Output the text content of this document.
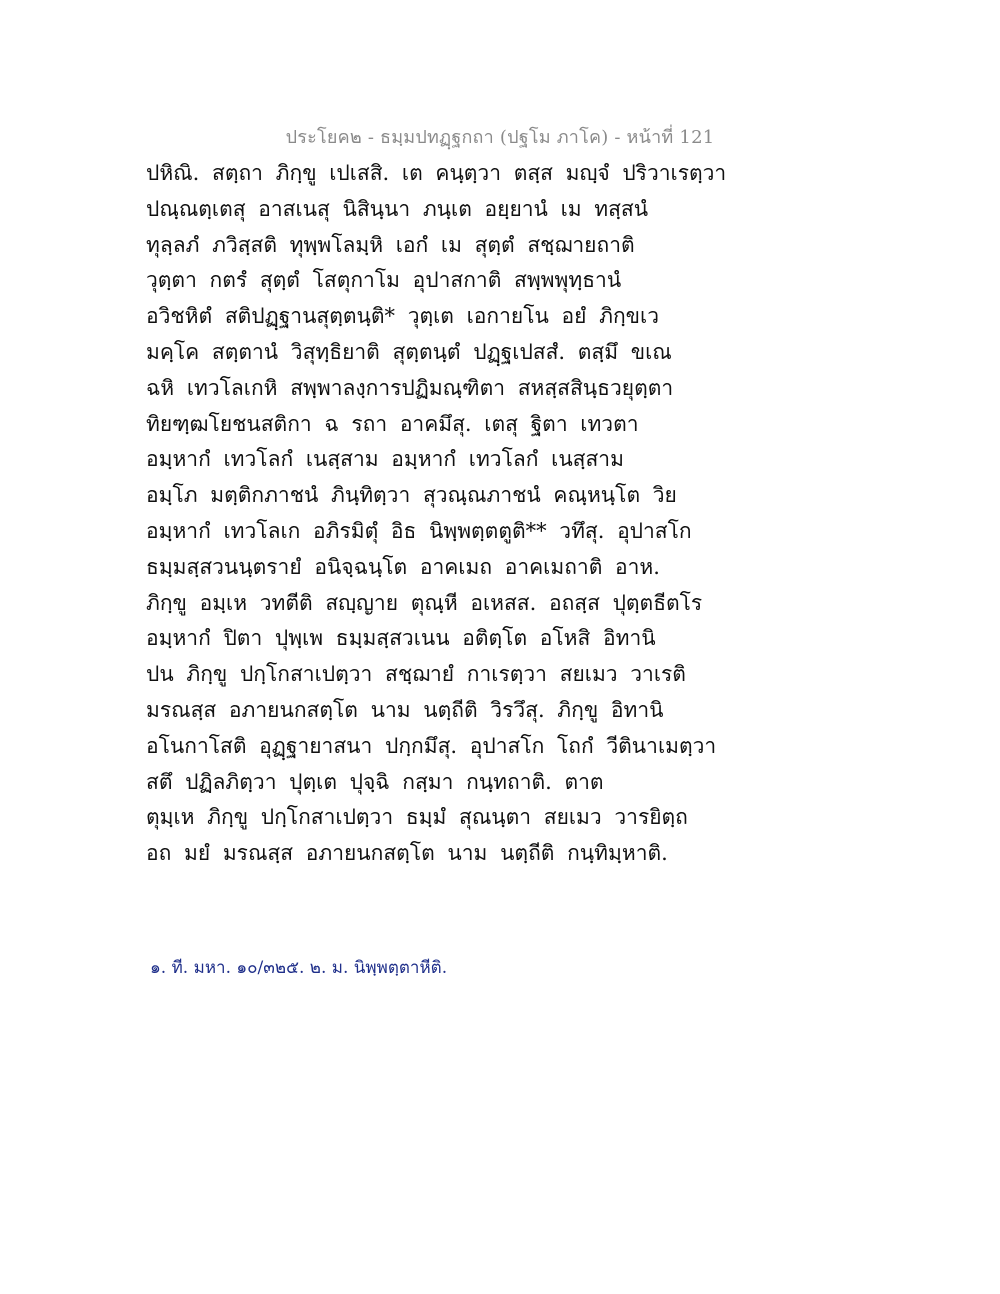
ประโยค๒ - ธมฺมปทฏฺฐกถา (ปฐโม ภาโค) - หน้าที่ 121
ปหิณิ. สตฺถา ภิกฺขู เปเสสิ. เต คนฺตฺวา ตสฺส มญฺจํ ปริวาเรตฺวา
ปณฺณตฺเตสุ อาสเนสุ นิสินฺนา ภนฺเต อยฺยานํ เม ทสฺสนํ
ทุลฺลภํ ภวิสฺสติ ทุพฺพโลมฺหิ เอกํ เม สุตฺตํ สชฺฌายถาติ
วุตฺตา กตรํ สุตฺตํ โสตุกาโม อุปาสกาติ สพฺพพุทฺธานํ
อวิชหิตํ สติปฏฺฐานสุตฺตนฺติ* วุตฺเต เอกายโน อยํ ภิกฺขเว
มคฺโค สตฺตานํ วิสุทฺธิยาติ สุตฺตนฺตํ ปฏฺฐเปสสํ. ตสฺมึ ขเณ
ฉหิ เทวโลเกหิ สพฺพาลงฺการปฏิมณฺฑิตา สหสฺสสินฺธวยุตฺตา
ทิยฑฺฒโยชนสติกา ฉ รถา อาคมึสุ. เตสุ ฐิตา เทวตา
อมฺหากํ เทวโลกํ เนสฺสาม อมฺหากํ เทวโลกํ เนสฺสาม
อมฺโภ มตฺติกภาชนํ ภินฺทิตฺวา สุวณฺณภาชนํ คณฺหนฺโต วิย
อมฺหากํ เทวโลเก อภิรมิตุํ อิธ นิพฺพตฺตตูติ** วทึสุ. อุปาสโก
ธมฺมสฺสวนนฺตรายํ อนิจฺฉนฺโต อาคเมถ อาคเมถาติ อาห.
ภิกฺขู อมฺเห วทตีติ สญฺญาย ตุณฺหี อเหสส. อถสฺส ปุตฺตธีตโร
อมฺหากํ ปิตา ปุพฺเพ ธมฺมสฺสวเนน อติตฺโต อโหสิ อิทานิ
ปน ภิกฺขู ปกฺโกสาเปตฺวา สชฺฌายํ กาเรตฺวา สยเมว วาเรติ
มรณสฺส อภายนกสตฺโต นาม นตฺถีติ วิรวึสุ. ภิกฺขู อิทานิ
อโนกาโสติ อุฏฺฐายาสนา ปกฺกมึสุ. อุปาสโก โถกํ วีตินาเมตฺวา
สตึ ปฏิลภิตฺวา ปุตฺเต ปุจฺฉิ กสฺมา กนฺทถาติ. ตาต
ตุมฺเห ภิกฺขู ปกฺโกสาเปตฺวา ธมฺมํ สุณนฺตา สยเมว วารยิตฺถ
อถ มยํ มรณสฺส อภายนกสตฺโต นาม นตฺถีติ กนฺทิมฺหาติ.
๑. ที. มหา. ๑๐/๓๒๕. ๒. ม. นิพฺพตฺตาหีติ.
